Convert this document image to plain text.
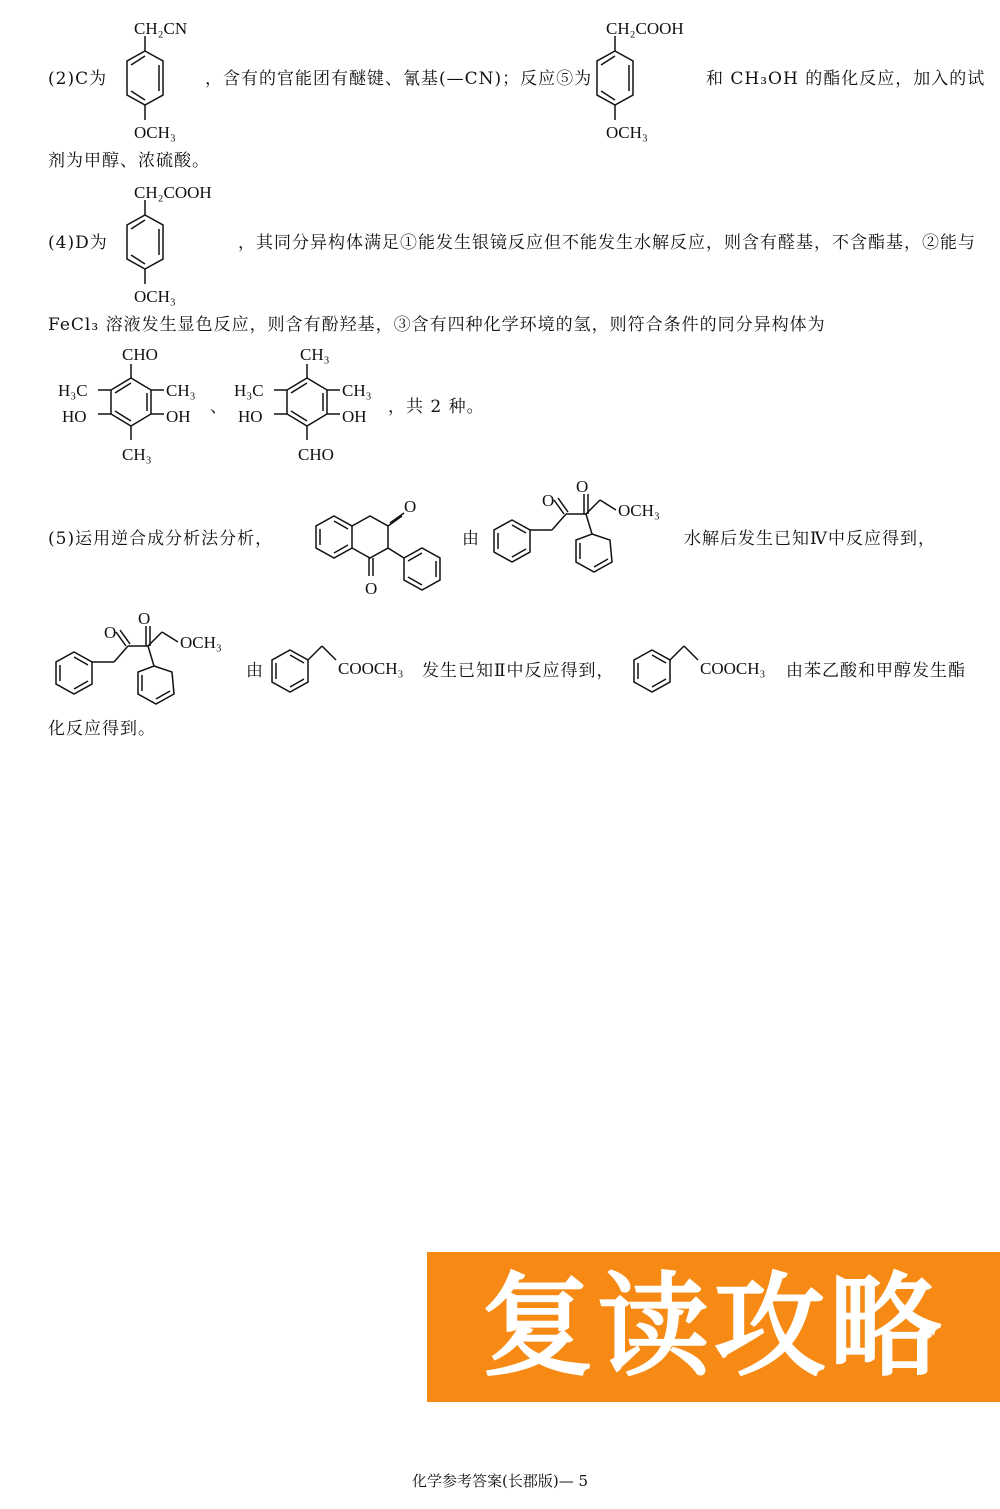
(2)C为
CH₂CN
OCH₃
，含有的官能团有醚键、氰基(—CN)；反应⑤为
CH₂COOH
OCH₃
和 CH₃OH 的酯化反应，加入的试
剂为甲醇、浓硫酸。
(4)D为
CH₂COOH
OCH₃
，其同分异构体满足①能发生银镜反应但不能发生水解反应，则含有醛基，不含酯基，②能与
FeCl₃ 溶液发生显色反应，则含有酚羟基，③含有四种化学环境的氢，则符合条件的同分异构体为
CHO
H₃C
HO
CH₃
OH
CH₃
、
CH₃
H₃C
HO
CH₃
OH
CHO
，共 2 种。
(5)运用逆合成分析法分析，
O
O
由
O
O
OCH₃
水解后发生已知Ⅳ中反应得到，
O
O
OCH₃
由	COOCH₃ 发生已知Ⅱ中反应得到，	COOCH₃ 由苯乙酸和甲醇发生酯
化反应得到。
复读攻略
化学参考答案(长郡版)— 5
